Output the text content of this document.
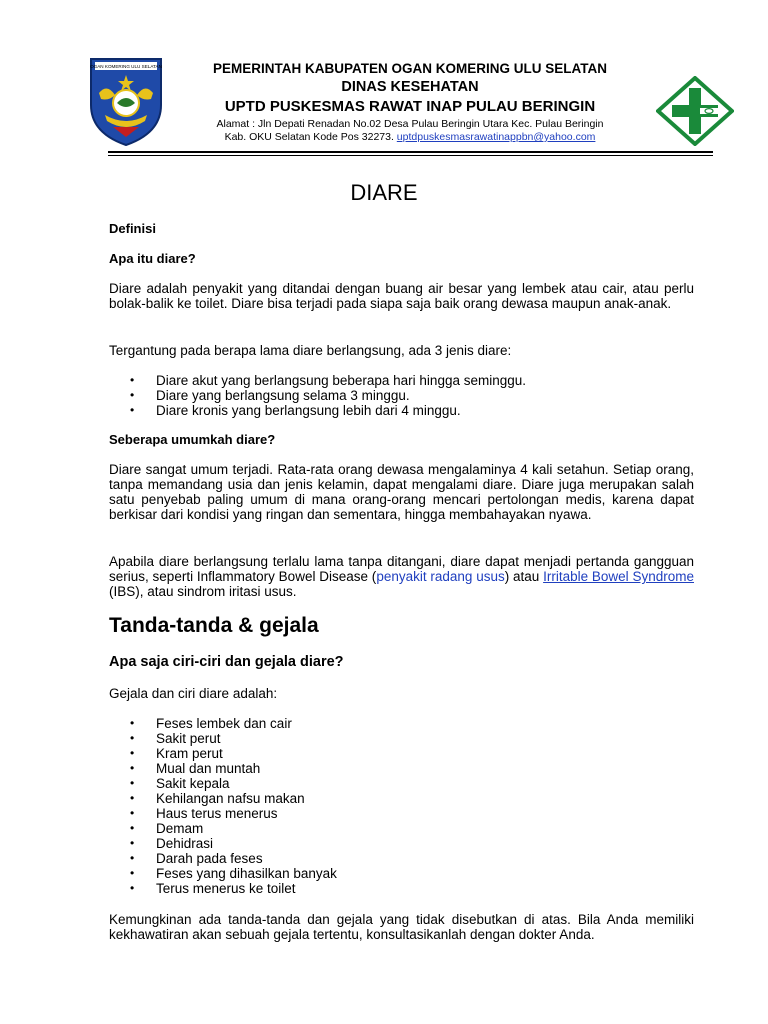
OGAN KOMERING ULU SELATAN	PEMERINTAH KABUPATEN OGAN KOMERING ULU SELATAN
DINAS KESEHATAN
UPTD PUSKESMAS RAWAT INAP PULAU BERINGIN
Alamat : Jln Depati Renadan No.02 Desa Pulau Beringin Utara Kec. Pulau Beringin
Kab. OKU Selatan Kode Pos 32273. uptdpuskesmasrawatinappbn@yahoo.com
DIARE
Definisi
Apa itu diare?
Diare adalah penyakit yang ditandai dengan buang air besar yang lembek atau cair, atau perlu bolak-balik ke toilet. Diare bisa terjadi pada siapa saja baik orang dewasa maupun anak-anak.
Tergantung pada berapa lama diare berlangsung, ada 3 jenis diare:
• Diare akut yang berlangsung beberapa hari hingga seminggu.
• Diare yang berlangsung selama 3 minggu.
• Diare kronis yang berlangsung lebih dari 4 minggu.
Seberapa umumkah diare?
Diare sangat umum terjadi. Rata-rata orang dewasa mengalaminya 4 kali setahun. Setiap orang, tanpa memandang usia dan jenis kelamin, dapat mengalami diare. Diare juga merupakan salah satu penyebab paling umum di mana orang-orang mencari pertolongan medis, karena dapat berkisar dari kondisi yang ringan dan sementara, hingga membahayakan nyawa.
Apabila diare berlangsung terlalu lama tanpa ditangani, diare dapat menjadi pertanda gangguan serius, seperti Inflammatory Bowel Disease (penyakit radang usus) atau Irritable Bowel Syndrome (IBS), atau sindrom iritasi usus.
Tanda-tanda & gejala
Apa saja ciri-ciri dan gejala diare?
Gejala dan ciri diare adalah:
• Feses lembek dan cair
• Sakit perut
• Kram perut
• Mual dan muntah
• Sakit kepala
• Kehilangan nafsu makan
• Haus terus menerus
• Demam
• Dehidrasi
• Darah pada feses
• Feses yang dihasilkan banyak
• Terus menerus ke toilet
Kemungkinan ada tanda-tanda dan gejala yang tidak disebutkan di atas. Bila Anda memiliki kekhawatiran akan sebuah gejala tertentu, konsultasikanlah dengan dokter Anda.
